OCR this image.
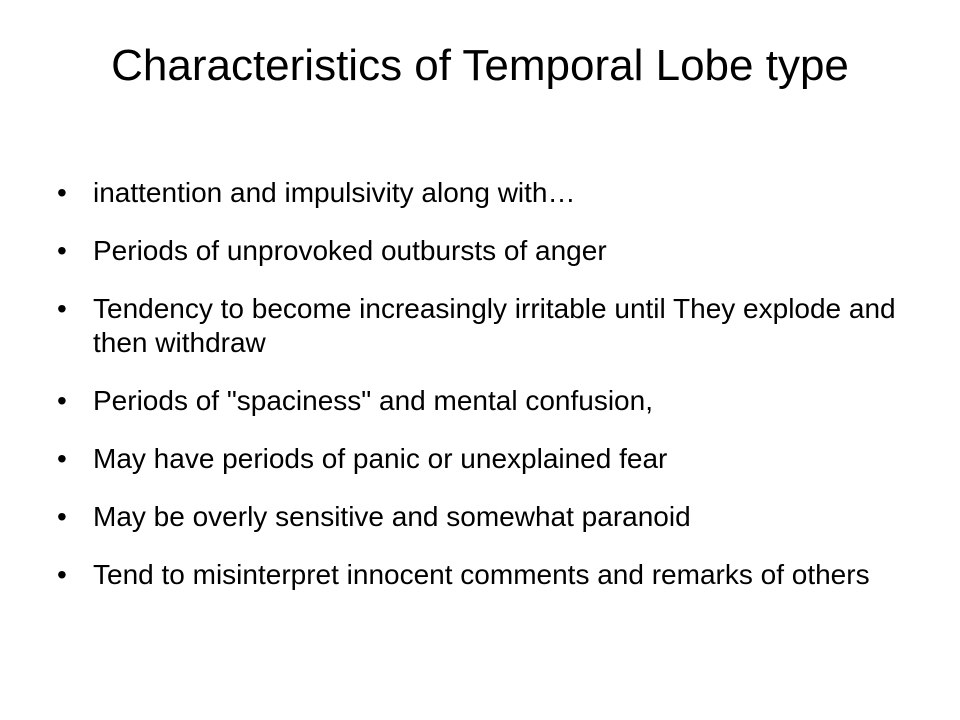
Characteristics of Temporal Lobe type
• inattention and impulsivity along with…
• Periods of unprovoked outbursts of anger
• Tendency to become increasingly irritable until They explode and then withdraw
• Periods of "spaciness" and mental confusion,
• May have periods of panic or unexplained fear
• May be overly sensitive and somewhat paranoid
• Tend to misinterpret innocent comments and remarks of others
